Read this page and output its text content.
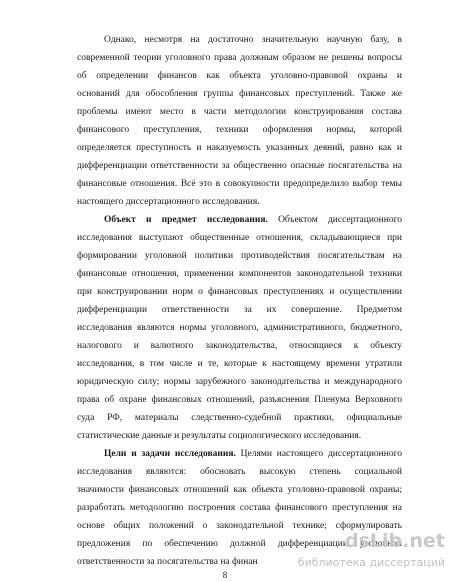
Однако, несмотря на достаточно значительную научную базу, в
современной теории уголовного права должным образом не решены вопросы
об определении финансов как объекта уголовно-правовой охраны и
оснований для обособления группы финансовых преступлений. Также же
проблемы имеют место в части методологии конструирования состава
финансового преступления, техники оформления нормы, которой
определяется преступность и наказуемость указанных деяний, равно как и
дифференциации ответственности за общественно опасные посягательства на
финансовые отношения. Всё это в совокупности предопределило выбор темы
настоящего диссертационного исследования.
Объект и предмет исследования. Объектом диссертационного
исследования выступают общественные отношения, складывающиеся при
формировании уголовной политики противодействия посягательствам на
финансовые отношения, применении компонентов законодательной техники
при конструировании норм о финансовых преступлениях и осуществлении
дифференциации ответственности за их совершение. Предметом
исследования являются нормы уголовного, административного, бюджетного,
налогового и валютного законодательства, относящиеся к объекту
исследования, в том числе и те, которые к настоящему времени утратили
юридическую силу; нормы зарубежного законодательства и международного
права об охране финансовых отношений, разъяснения Пленума Верховного
суда РФ, материалы следственно-судебной практики, официальные
статистические данные и результаты социологического исследования.
Цели и задачи исследования. Целями настоящего диссертационного
исследования являются: обосновать высокую степень социальной
значимости финансовых отношений как объекта уголовно-правовой охраны;
разработать методологию построения состава финансового преступления на
основе общих положений о законодательной технике; сформулировать
предложения по обеспечению должной дифференциации уголовной
ответственности за посягательства на финан
8
dsLib.net
библиотека диссертаций
